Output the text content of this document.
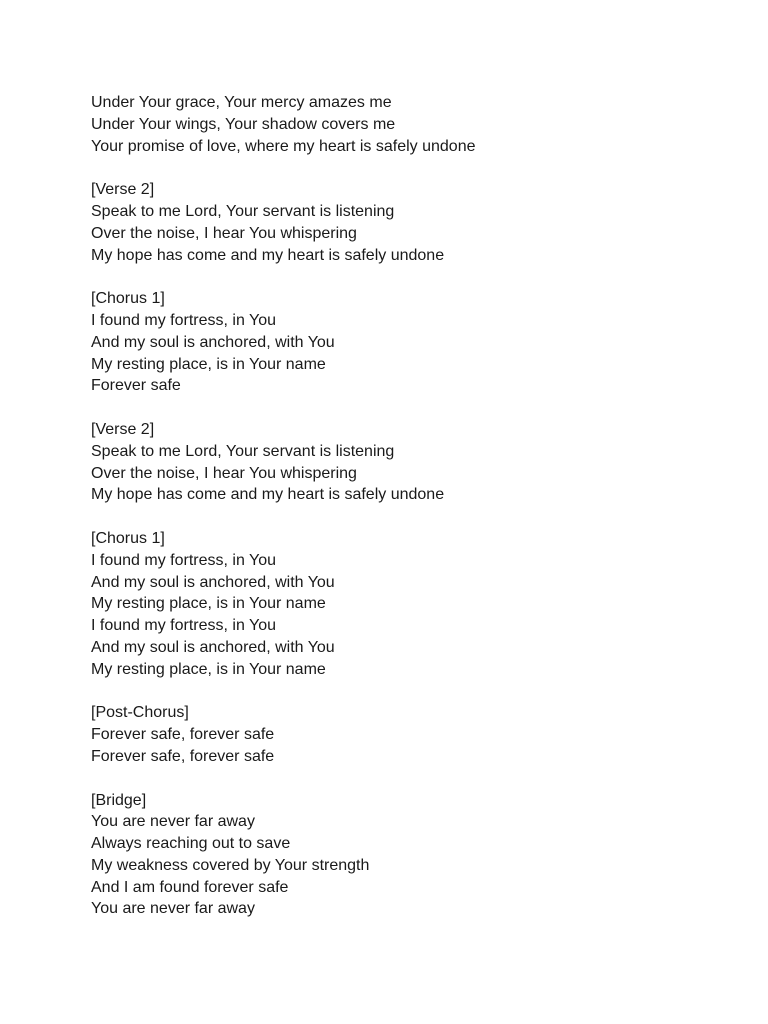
Under Your grace, Your mercy amazes me
Under Your wings, Your shadow covers me
Your promise of love, where my heart is safely undone
[Verse 2]
Speak to me Lord, Your servant is listening
Over the noise, I hear You whispering
My hope has come and my heart is safely undone
[Chorus 1]
I found my fortress, in You
And my soul is anchored, with You
My resting place, is in Your name
Forever safe
[Verse 2]
Speak to me Lord, Your servant is listening
Over the noise, I hear You whispering
My hope has come and my heart is safely undone
[Chorus 1]
I found my fortress, in You
And my soul is anchored, with You
My resting place, is in Your name
I found my fortress, in You
And my soul is anchored, with You
My resting place, is in Your name
[Post-Chorus]
Forever safe, forever safe
Forever safe, forever safe
[Bridge]
You are never far away
Always reaching out to save
My weakness covered by Your strength
And I am found forever safe
You are never far away
